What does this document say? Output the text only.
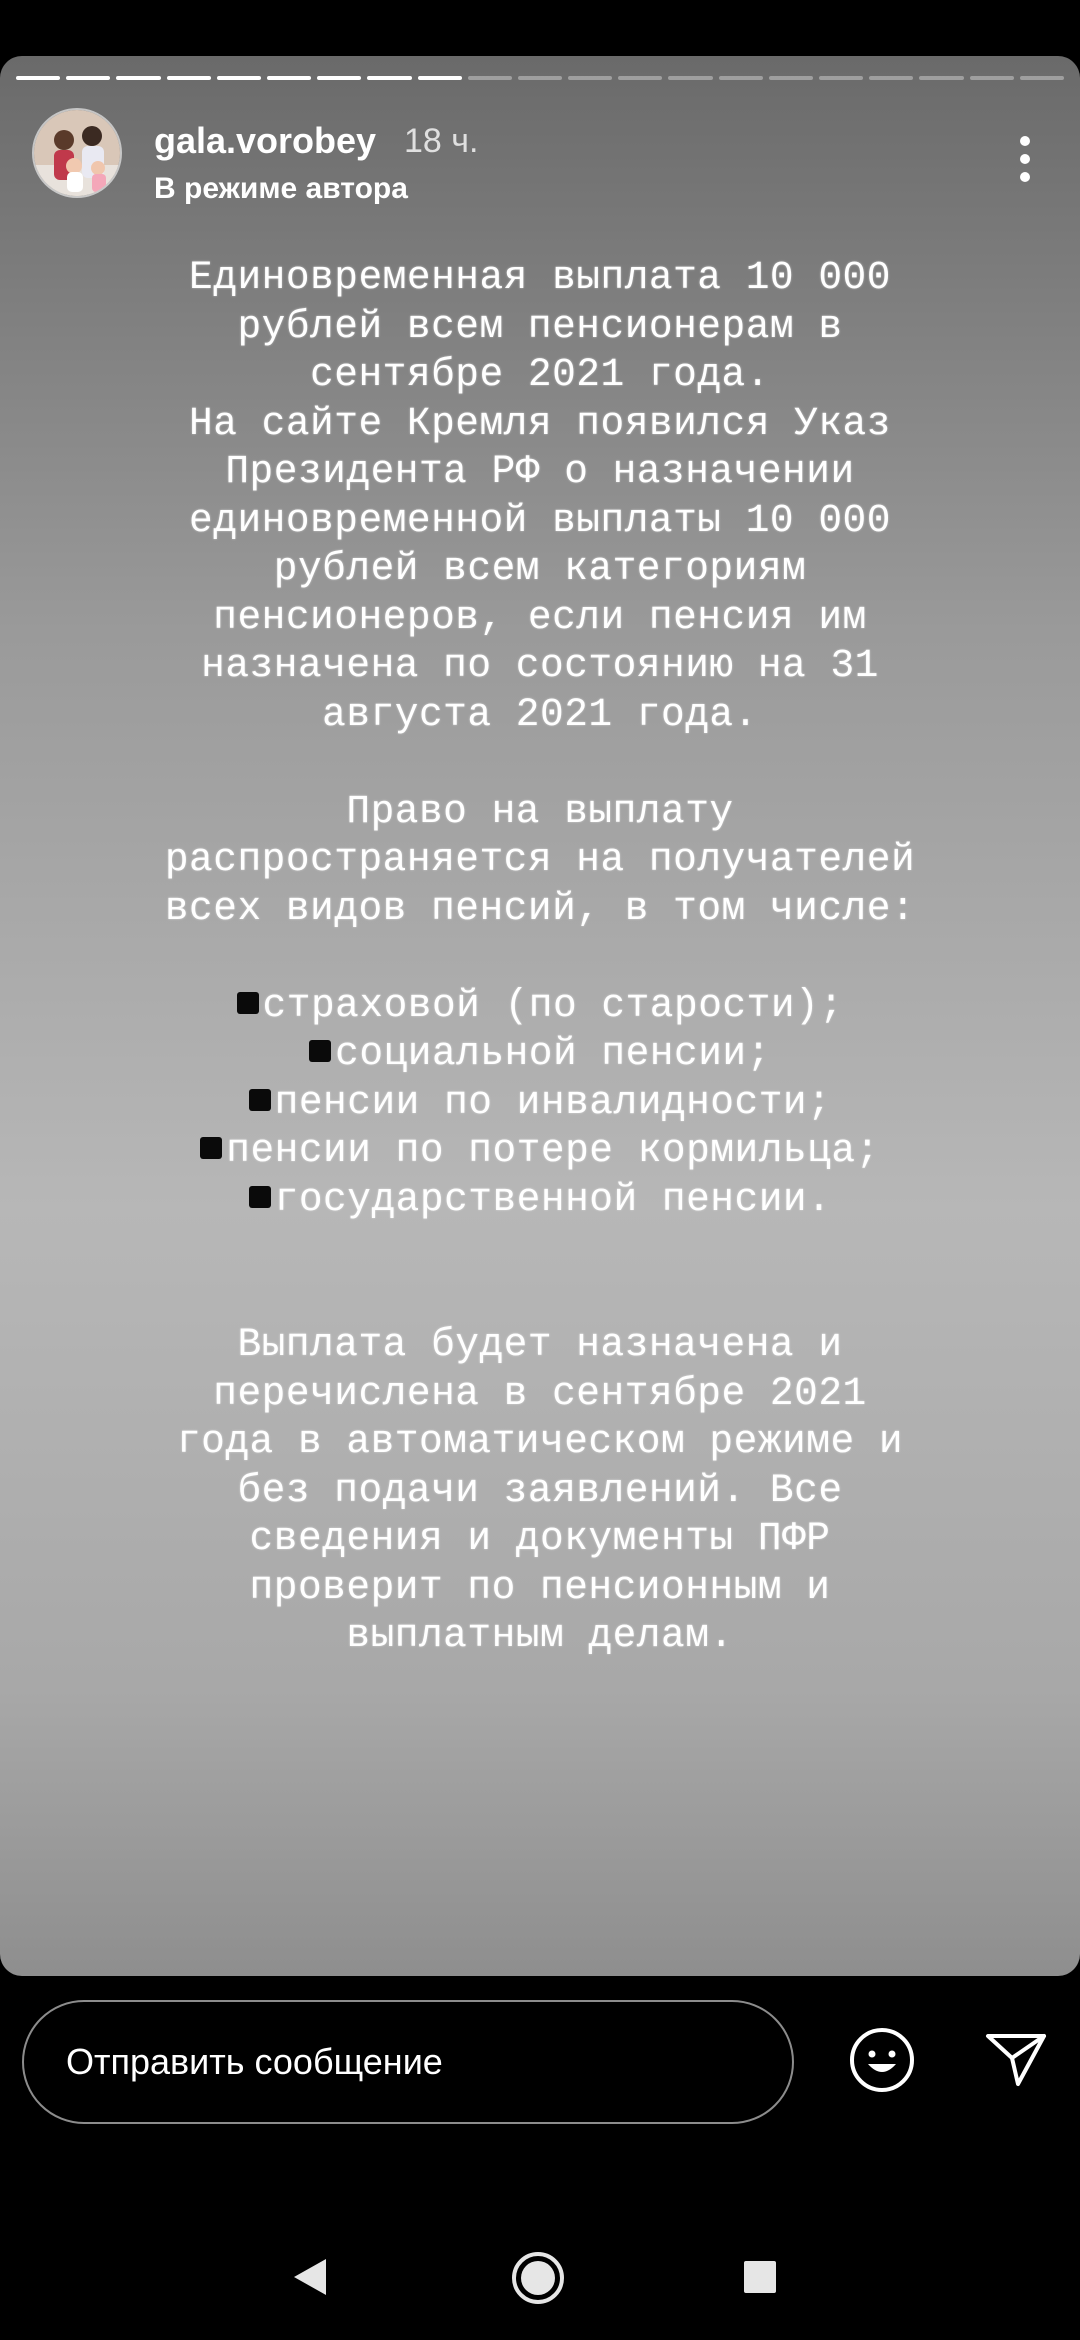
gala.vorobey 18 ч.
В режиме автора

Единовременная выплата 10 000 рублей всем пенсионерам в сентябре 2021 года.
На сайте Кремля появился Указ Президента РФ о назначении единовременной выплаты 10 000 рублей всем категориям пенсионеров, если пенсия им назначена по состоянию на 31 августа 2021 года.

Право на выплату распространяется на получателей всех видов пенсий, в том числе:

страховой (по старости);
социальной пенсии;
пенсии по инвалидности;
пенсии по потере кормильца;
государственной пенсии.

Выплата будет назначена и перечислена в сентябре 2021 года в автоматическом режиме и без подачи заявлений. Все сведения и документы ПФР проверит по пенсионным и выплатным делам.

Отправить сообщение
